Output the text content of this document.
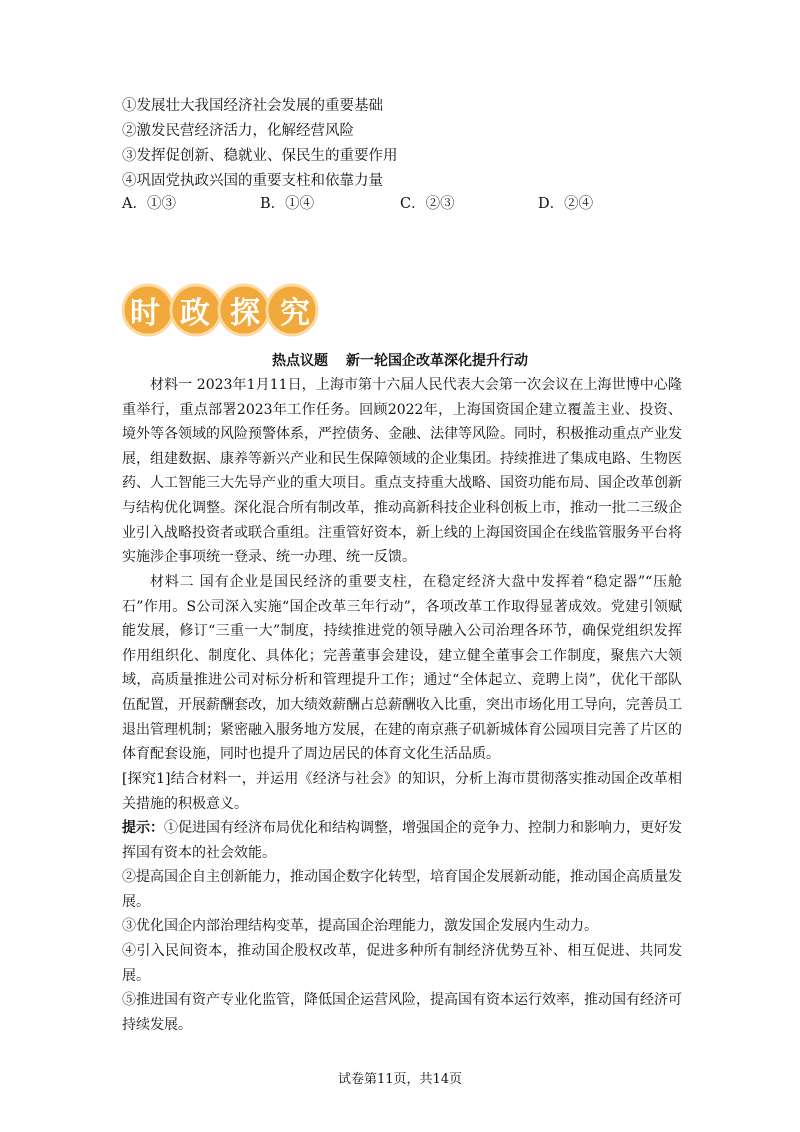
①发展壮大我国经济社会发展的重要基础
②激发民营经济活力，化解经营风险
③发挥促创新、稳就业、保民生的重要作用
④巩固党执政兴国的重要支柱和依靠力量
A．①③	B．①④	C．②③	D．②④
时 政 探 究
热点议题 新一轮国企改革深化提升行动

材料一 2023年1月11日，上海市第十六届人民代表大会第一次会议在上海世博中心隆重举行，重点部署2023年工作任务。回顾2022年，上海国资国企建立覆盖主业、投资、境外等各领域的风险预警体系，严控债务、金融、法律等风险。同时，积极推动重点产业发展，组建数据、康养等新兴产业和民生保障领域的企业集团。持续推进了集成电路、生物医药、人工智能三大先导产业的重大项目。重点支持重大战略、国资功能布局、国企改革创新与结构优化调整。深化混合所有制改革，推动高新科技企业科创板上市，推动一批二三级企业引入战略投资者或联合重组。注重管好资本，新上线的上海国资国企在线监管服务平台将实施涉企事项统一登录、统一办理、统一反馈。

材料二 国有企业是国民经济的重要支柱，在稳定经济大盘中发挥着“稳定器”“压舱石”作用。S公司深入实施“国企改革三年行动”，各项改革工作取得显著成效。党建引领赋能发展，修订“三重一大”制度，持续推进党的领导融入公司治理各环节，确保党组织发挥作用组织化、制度化、具体化；完善董事会建设，建立健全董事会工作制度，聚焦六大领域，高质量推进公司对标分析和管理提升工作；通过“全体起立、竞聘上岗”，优化干部队伍配置，开展薪酬套改，加大绩效薪酬占总薪酬收入比重，突出市场化用工导向，完善员工退出管理机制；紧密融入服务地方发展，在建的南京燕子矶新城体育公园项目完善了片区的体育配套设施，同时也提升了周边居民的体育文化生活品质。

[探究1]结合材料一，并运用《经济与社会》的知识，分析上海市贯彻落实推动国企改革相关措施的积极意义。

提示：①促进国有经济布局优化和结构调整，增强国企的竞争力、控制力和影响力，更好发挥国有资本的社会效能。

②提高国企自主创新能力，推动国企数字化转型，培育国企发展新动能，推动国企高质量发展。

③优化国企内部治理结构变革，提高国企治理能力，激发国企发展内生动力。

④引入民间资本，推动国企股权改革，促进多种所有制经济优势互补、相互促进、共同发展。

⑤推进国有资产专业化监管，降低国企运营风险，提高国有资本运行效率，推动国有经济可持续发展。

试卷第11页，共14页
